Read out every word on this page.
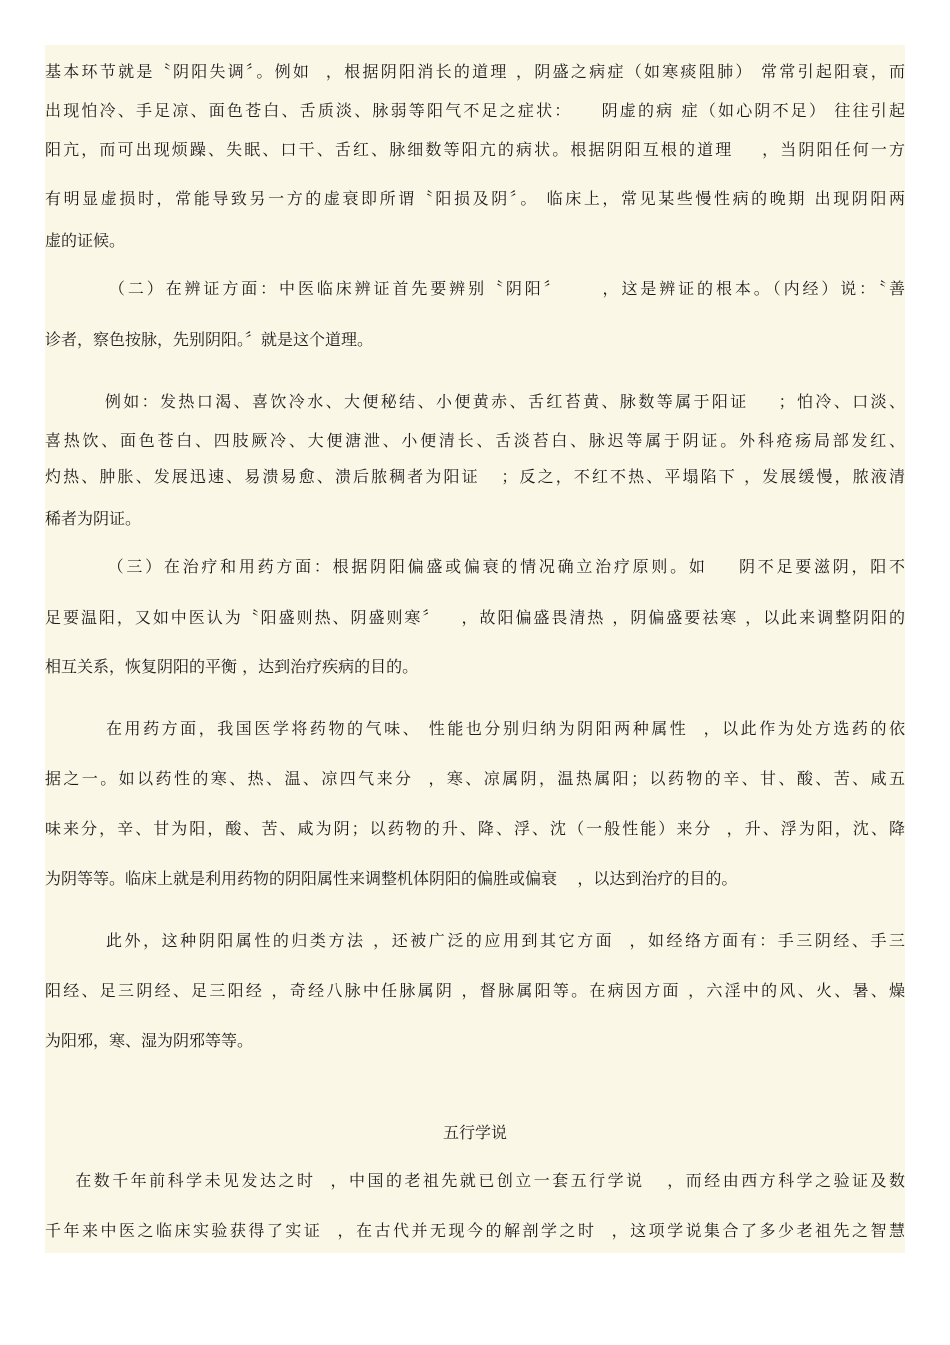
基本环节就是〝阴阳失调〞。例如  ，根据阴阳消长的道理 ，阴盛之病症（如寒痰阻肺） 常常引起阳衰，而
出现怕冷、手足凉、面色苍白、舌质淡、脉弱等阳气不足之症状：    阴虚的病 症（如心阴不足） 往往引起
阳亢，而可出现烦躁、失眠、口干、舌红、脉细数等阳亢的病状。根据阴阳互根的道理    ，当阴阳任何一方
有明显虚损时，常能导致另一方的虚衰即所谓〝阳损及阴〞。 临床上，常见某些慢性病的晚期 出现阴阳两
虚的证候。
（二）在辨证方面：中医临床辨证首先要辨别〝阴阳〞     ，这是辨证的根本。（内经）说：〝善
诊者，察色按脉，先别阴阳。〞就是这个道理。
例如：发热口渴、喜饮冷水、大便秘结、小便黄赤、舌红苔黄、脉数等属于阳证    ；怕冷、口淡、
喜热饮、面色苍白、四肢厥冷、大便溏泄、小便清长、舌淡苔白、脉迟等属于阴证。外科疮疡局部发红、
灼热、肿胀、发展迅速、易溃易愈、溃后脓稠者为阳证   ；反之，不红不热、平塌陷下 ，发展缓慢，脓液清
稀者为阴证。
（三）在治疗和用药方面：根据阴阳偏盛或偏衰的情况确立治疗原则。如    阴不足要滋阴，阳不
足要温阳，又如中医认为〝阳盛则热、阴盛则寒〞   ，故阳偏盛畏清热 ，阴偏盛要祛寒 ，以此来调整阴阳的
相互关系，恢复阴阳的平衡 ，达到治疗疾病的目的。
在用药方面，我国医学将药物的气味、 性能也分别归纳为阴阳两种属性  ，以此作为处方选药的依
据之一。如以药性的寒、热、温、凉四气来分  ，寒、凉属阴，温热属阳；以药物的辛、甘、酸、苦、咸五
味来分，辛、甘为阳，酸、苦、咸为阴；以药物的升、降、浮、沈（一般性能）来分  ，升、浮为阳，沈、降
为阴等等。临床上就是利用药物的阴阳属性来调整机体阴阳的偏胜或偏衰    ，以达到治疗的目的。
此外，这种阴阳属性的归类方法 ，还被广泛的应用到其它方面  ，如经络方面有：手三阴经、手三
阳经、足三阴经、足三阳经 ，奇经八脉中任脉属阴 ，督脉属阳等。在病因方面 ，六淫中的风、火、暑、燥
为阳邪，寒、湿为阴邪等等。
五行学说
在数千年前科学未见发达之时  ，中国的老祖先就已创立一套五行学说   ，而经由西方科学之验证及数
千年来中医之临床实验获得了实证  ，在古代并无现今的解剖学之时  ，这项学说集合了多少老祖先之智慧
